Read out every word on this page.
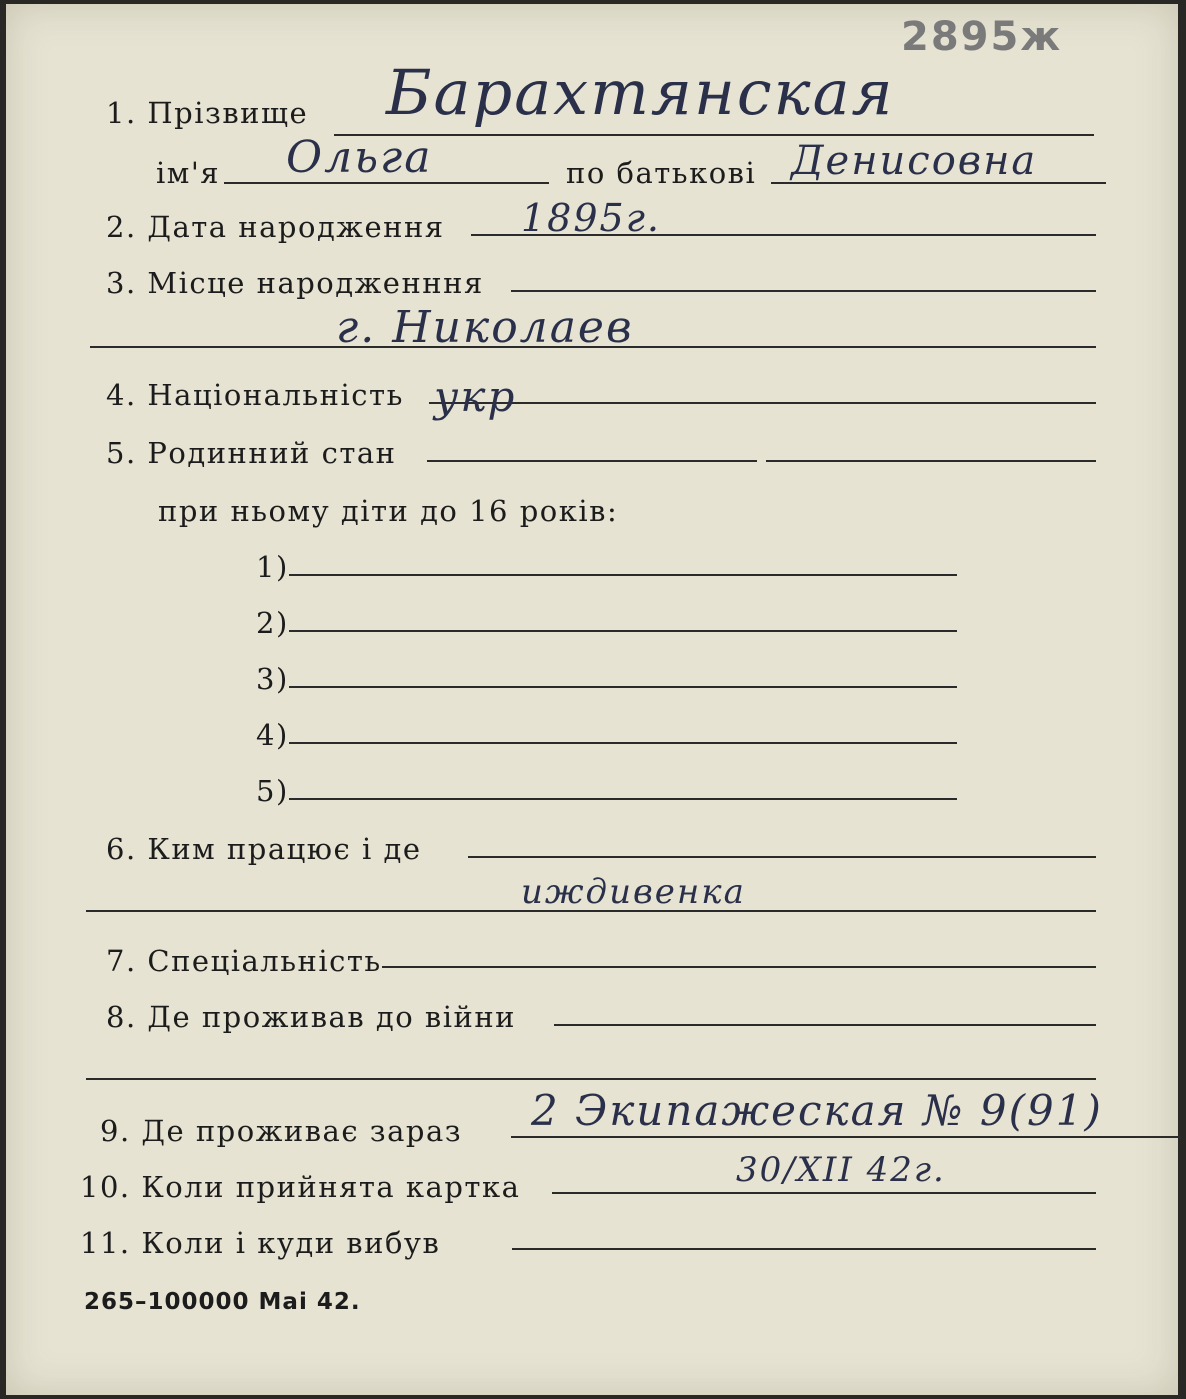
2895ж
1. Прізвище Барахтянская
ім'я Ольга	по батькові Денисовна
2. Дата народження 1895г.
3. Місце народженння
г. Николаев
4. Національність укр
5. Родинний стан
при ньому діти до 16 років:
1)
2)
3)
4)
5)
6. Ким працює і де
иждивенка
7. Спеціальність
8. Де проживав до війни
9. Де проживає зараз 2 Экипажеская № 9(91)
10. Коли прийнята картка	30/XII 42г.
11. Коли і куди вибув
265–100000 Маі 42.
